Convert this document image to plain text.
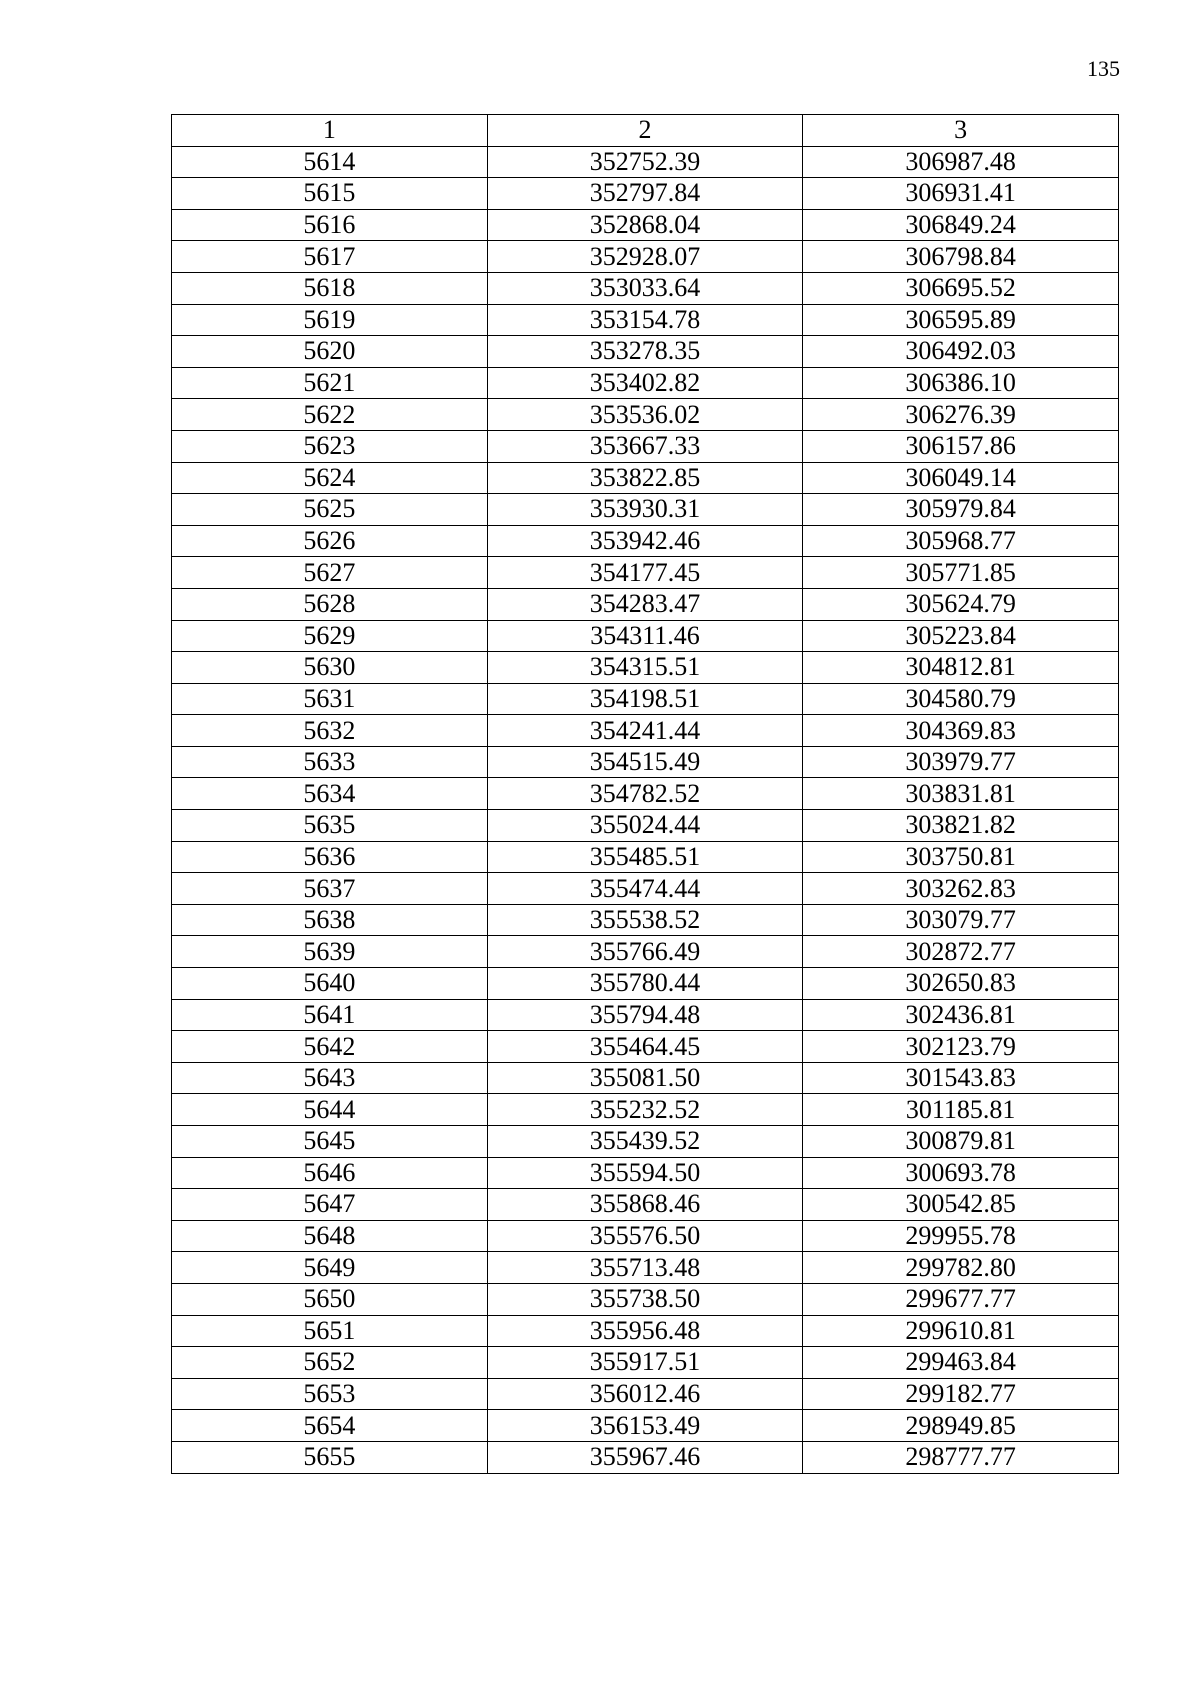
135
1	2	3
5614	352752.39	306987.48
5615	352797.84	306931.41
5616	352868.04	306849.24
5617	352928.07	306798.84
5618	353033.64	306695.52
5619	353154.78	306595.89
5620	353278.35	306492.03
5621	353402.82	306386.10
5622	353536.02	306276.39
5623	353667.33	306157.86
5624	353822.85	306049.14
5625	353930.31	305979.84
5626	353942.46	305968.77
5627	354177.45	305771.85
5628	354283.47	305624.79
5629	354311.46	305223.84
5630	354315.51	304812.81
5631	354198.51	304580.79
5632	354241.44	304369.83
5633	354515.49	303979.77
5634	354782.52	303831.81
5635	355024.44	303821.82
5636	355485.51	303750.81
5637	355474.44	303262.83
5638	355538.52	303079.77
5639	355766.49	302872.77
5640	355780.44	302650.83
5641	355794.48	302436.81
5642	355464.45	302123.79
5643	355081.50	301543.83
5644	355232.52	301185.81
5645	355439.52	300879.81
5646	355594.50	300693.78
5647	355868.46	300542.85
5648	355576.50	299955.78
5649	355713.48	299782.80
5650	355738.50	299677.77
5651	355956.48	299610.81
5652	355917.51	299463.84
5653	356012.46	299182.77
5654	356153.49	298949.85
5655	355967.46	298777.77
